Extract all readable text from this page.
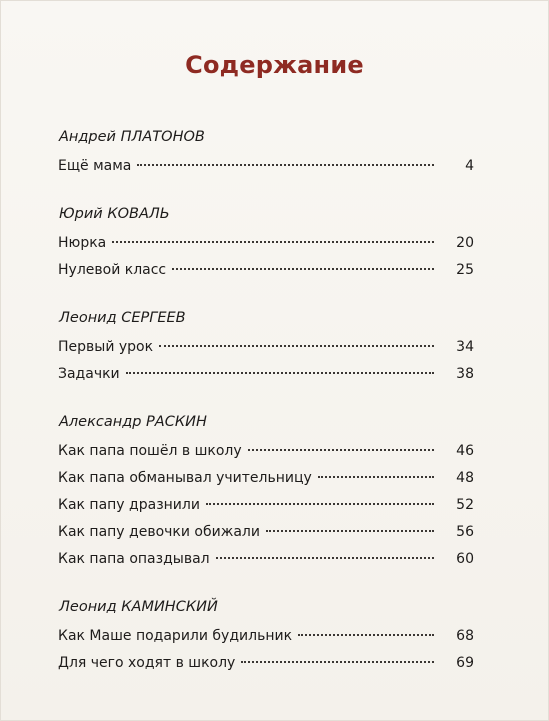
Содержание
Андрей ПЛАТОНОВ
Ещё мама	4
Юрий КОВАЛЬ
Нюрка	20
Нулевой класс	25
Леонид СЕРГЕЕВ
Первый урок	34
Задачки	38
Александр РАСКИН
Как папа пошёл в школу	46
Как папа обманывал учительницу	48
Как папу дразнили	52
Как папу девочки обижали	56
Как папа опаздывал	60
Леонид КАМИНСКИЙ
Как Маше подарили будильник	68
Для чего ходят в школу	69
